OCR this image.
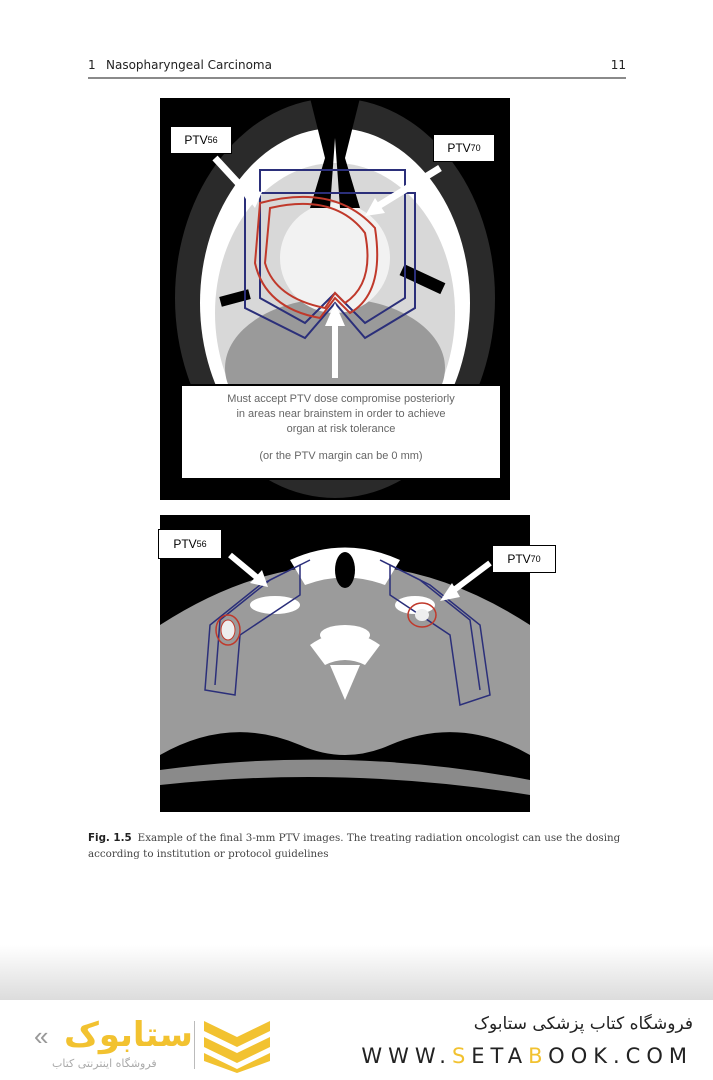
1 Nasopharyngeal Carcinoma	11
PTV 56
PTV 70
Must accept PTV dose compromise posteriorly
in areas near brainstem in order to achieve
organ at risk tolerance
(or the PTV margin can be 0 mm)
PTV 56
PTV 70
Fig. 1.5 Example of the final 3-mm PTV images. The treating radiation oncologist can use the dosing according to institution or protocol guidelines
فروشگاه کتاب پزشکی ستابوک
WWW.SETABOOK.COM
« ستابوک
فروشگاه اینترنتی کتاب
